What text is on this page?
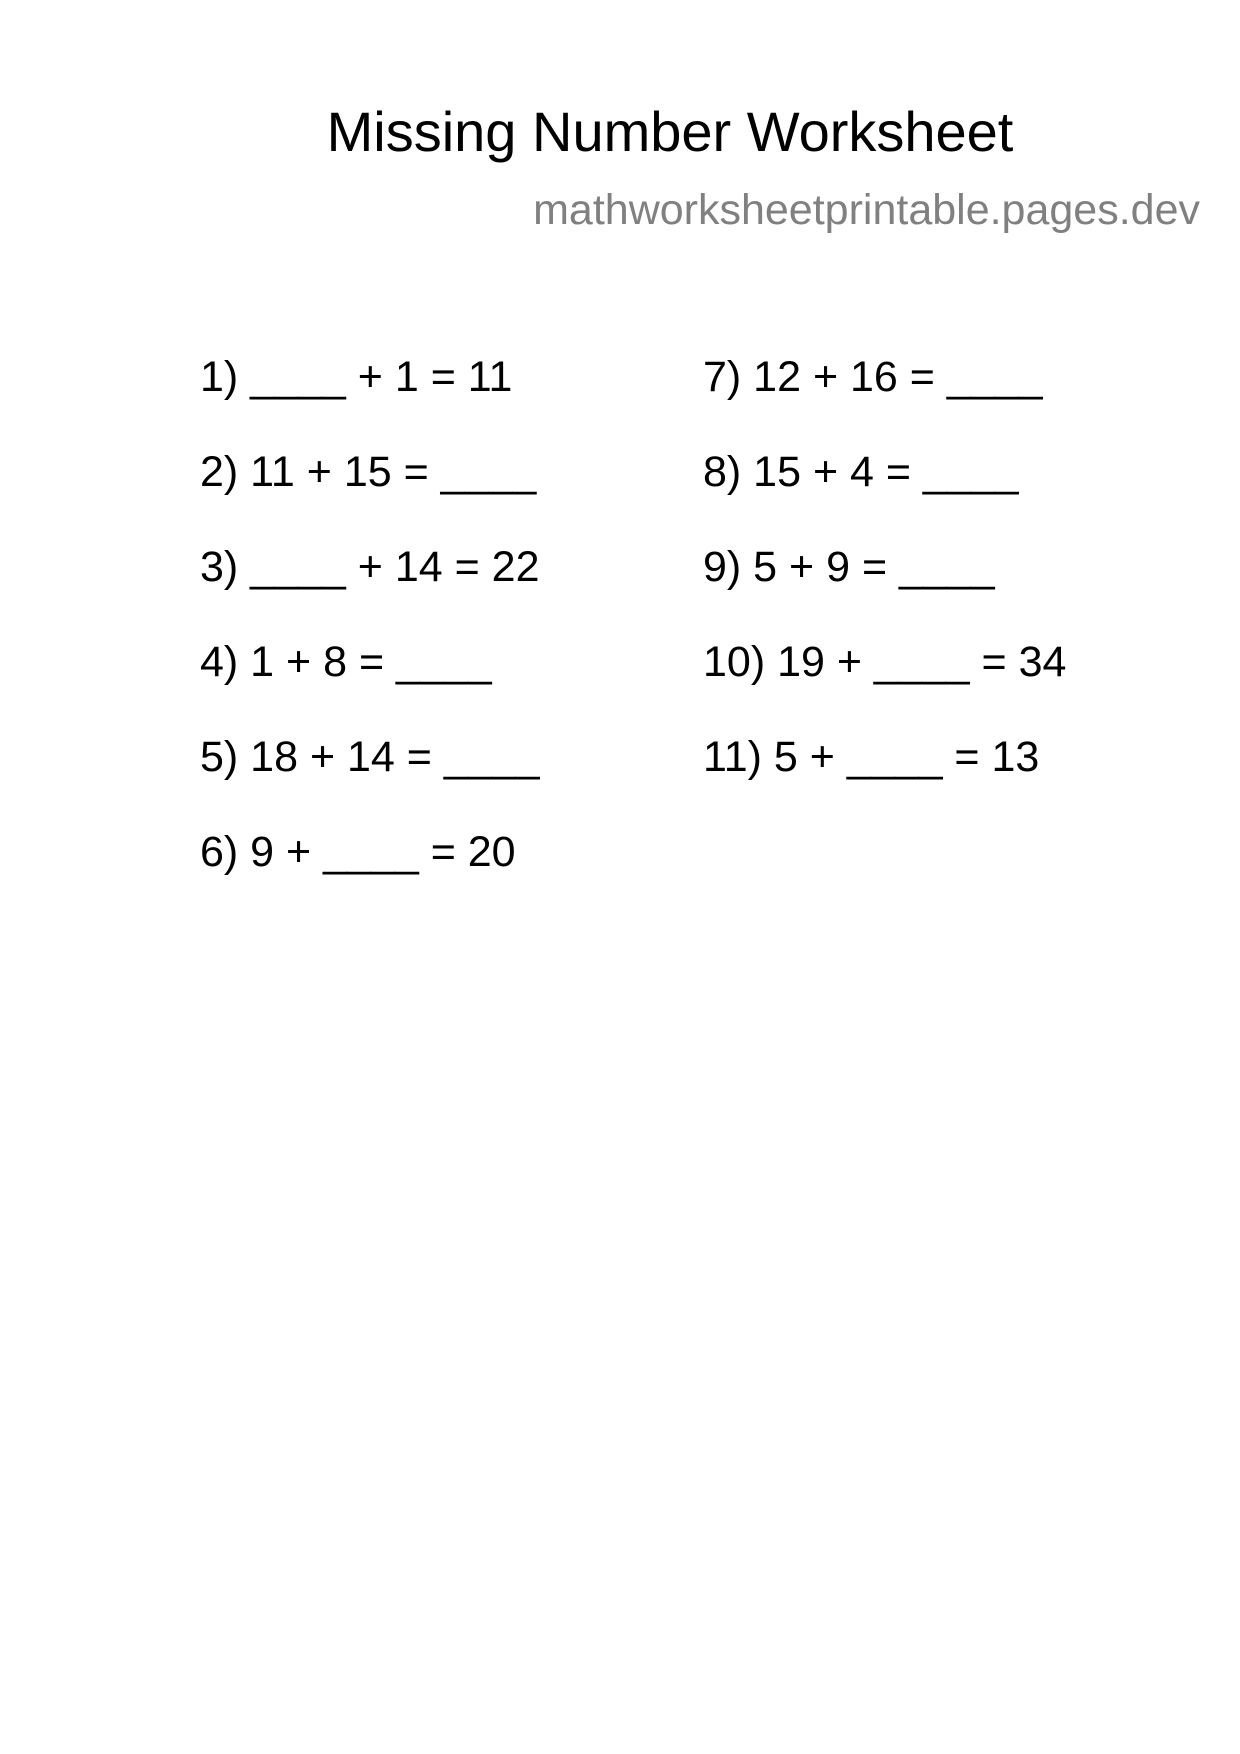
Missing Number Worksheet
mathworksheetprintable.pages.dev
1) ____ + 1 = 11
2) 11 + 15 = ____
3) ____ + 14 = 22
4) 1 + 8 = ____
5) 18 + 14 = ____
6) 9 + ____ = 20
7) 12 + 16 = ____
8) 15 + 4 = ____
9) 5 + 9 = ____
10) 19 + ____ = 34
11) 5 + ____ = 13
